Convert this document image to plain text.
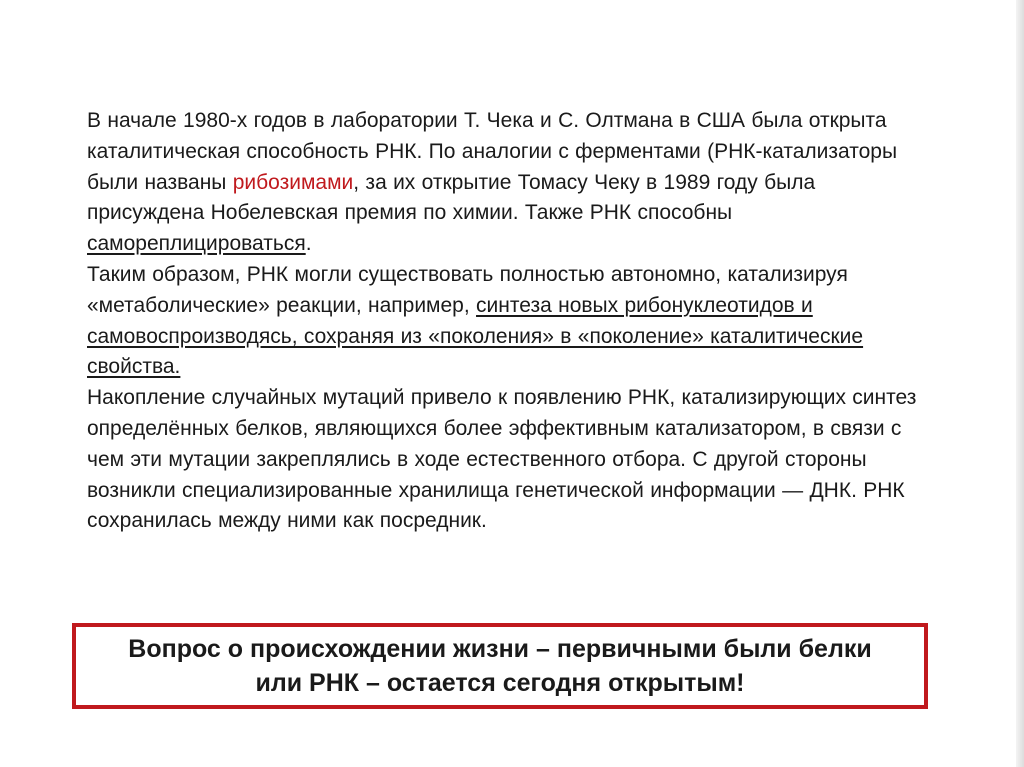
В начале 1980-х годов в лаборатории Т. Чека и С. Олтмана в США была открыта каталитическая способность РНК. По аналогии с ферментами (РНК-катализаторы были названы рибозимами, за их открытие Томасу Чеку в 1989 году была присуждена Нобелевская премия по химии. Также РНК способны самореплицироваться.

Таким образом, РНК могли существовать полностью автономно, катализируя «метаболические» реакции, например, синтеза новых рибонуклеотидов и самовоспроизводясь, сохраняя из «поколения» в «поколение» каталитические свойства.

Накопление случайных мутаций привело к появлению РНК, катализирующих синтез определённых белков, являющихся более эффективным катализатором, в связи с чем эти мутации закреплялись в ходе естественного отбора. С другой стороны возникли специализированные хранилища генетической информации — ДНК. РНК сохранилась между ними как посредник.

Вопрос о происхождении жизни – первичными были белки или РНК – остается сегодня открытым!
